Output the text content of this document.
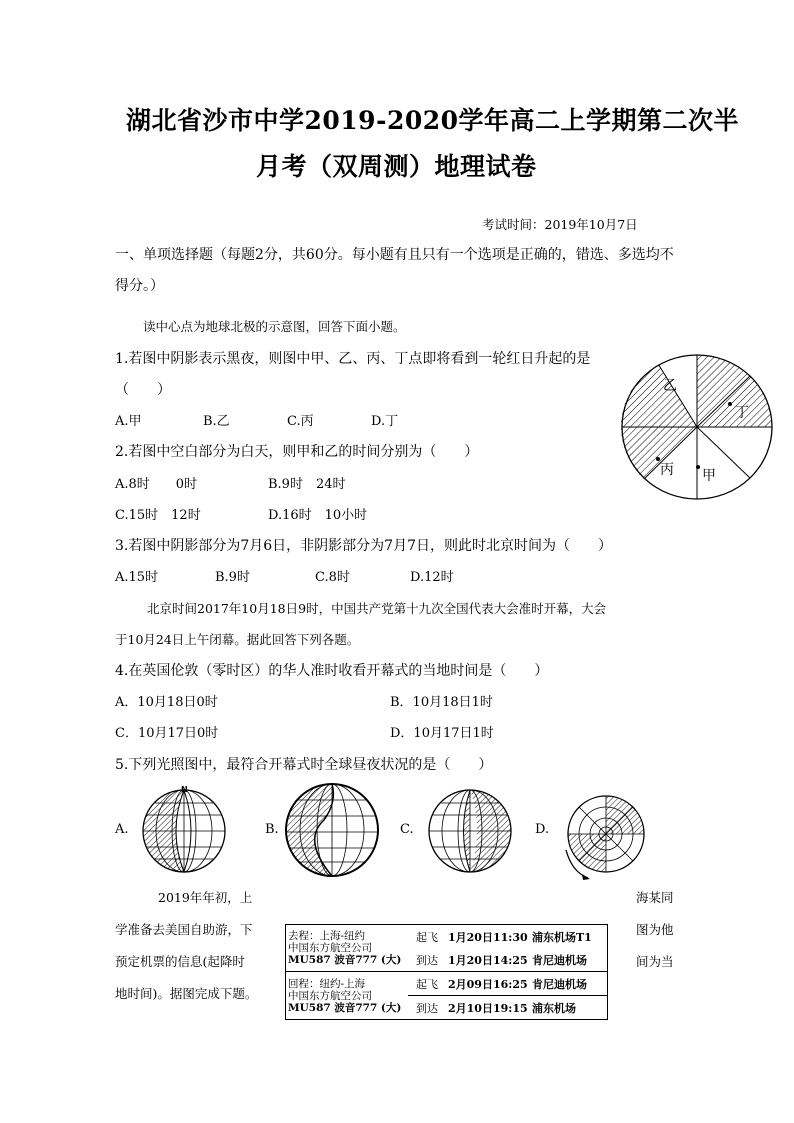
湖北省沙市中学2019-2020学年高二上学期第二次半
月考（双周测）地理试卷
考试时间：2019年10月7日
一、单项选择题（每题2分，共60分。每小题有且只有一个选项是正确的，错选、多选均不
得分。）
读中心点为地球北极的示意图，回答下面小题。
1.若图中阴影表示黑夜，则图中甲、乙、丙、丁点即将看到一轮红日升起的是
（　　）
A.甲	B.乙	C.丙	D.丁
2.若图中空白部分为白天，则甲和乙的时间分别为（　　）
A.8时　　0时	B.9时　24时
C.15时　12时	D.16时　10小时
3.若图中阴影部分为7月6日，非阴影部分为7月7日，则此时北京时间为（　　）
A.15时	B.9时	C.8时	D.12时
乙
丁
丙 甲
北京时间2017年10月18日9时，中国共产党第十九次全国代表大会准时开幕，大会
于10月24日上午闭幕。据此回答下列各题。
4.在英国伦敦（零时区）的华人准时收看开幕式的当地时间是（　　）
A．10月18日0时	B．10月18日1时
C．10月17日0时	D．10月17日1时
5.下列光照图中，最符合开幕式时全球昼夜状况的是（　　）
A.	B.	C.	D.
N
2019年年初，上
学准备去美国自助游，下
预定机票的信息(起降时
地时间)。据图完成下题。
海某同
图为他
间为当
去程：上海-纽约
中国东方航空公司
MU587 波音777 (大)	起飞	1月20日11:30	浦东机场T1
	到达	1月20日14:25	肯尼迪机场

回程：纽约-上海
中国东方航空公司
MU587 波音777 (大)	起飞	2月09日16:25	肯尼迪机场
	到达	2月10日19:15	浦东机场
